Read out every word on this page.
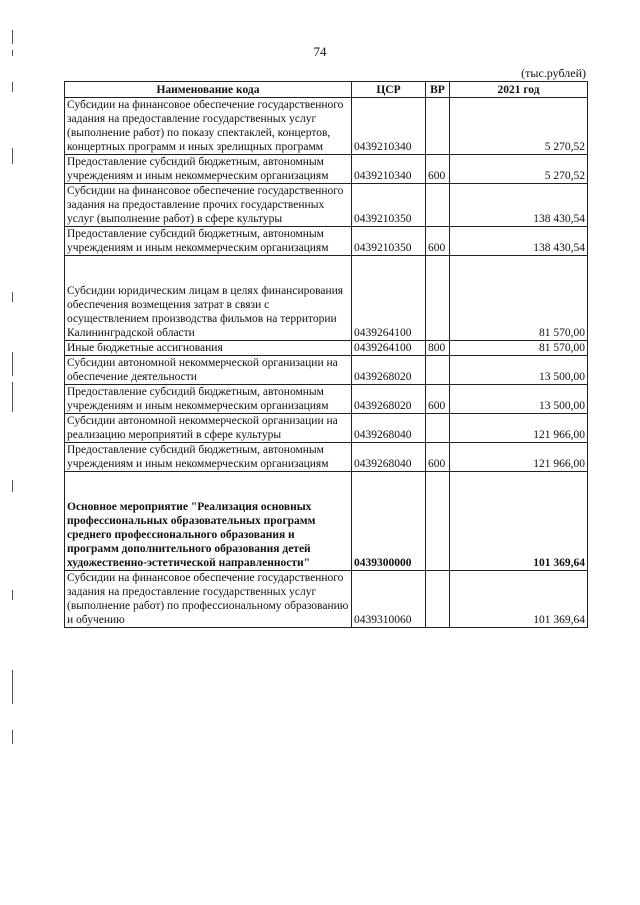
74
(тыс.рублей)
Наименование кода	ЦСР	ВР	2021 год
Субсидии на финансовое обеспечение государственного задания на предоставление государственных услуг (выполнение работ) по показу спектаклей, концертов, концертных программ и иных зрелищных программ	0439210340		5 270,52
Предоставление субсидий бюджетным, автономным учреждениям и иным некоммерческим организациям	0439210340	600	5 270,52
Субсидии на финансовое обеспечение государственного задания на предоставление прочих государственных услуг (выполнение работ) в сфере культуры	0439210350		138 430,54
Предоставление субсидий бюджетным, автономным учреждениям и иным некоммерческим организациям	0439210350	600	138 430,54
Субсидии юридическим лицам в целях финансирования обеспечения возмещения затрат в связи с осуществлением производства фильмов на территории Калининградской области	0439264100		81 570,00
Иные бюджетные ассигнования	0439264100	800	81 570,00
Субсидии автономной некоммерческой организации на обеспечение деятельности	0439268020		13 500,00
Предоставление субсидий бюджетным, автономным учреждениям и иным некоммерческим организациям	0439268020	600	13 500,00
Субсидии автономной некоммерческой организации на реализацию мероприятий в сфере культуры	0439268040		121 966,00
Предоставление субсидий бюджетным, автономным учреждениям и иным некоммерческим организациям	0439268040	600	121 966,00
Основное мероприятие "Реализация основных профессиональных образовательных программ среднего профессионального образования и программ дополнительного образования детей художественно-эстетической направленности"	0439300000		101 369,64
Субсидии на финансовое обеспечение государственного задания на предоставление государственных услуг (выполнение работ) по профессиональному образованию и обучению	0439310060		101 369,64
